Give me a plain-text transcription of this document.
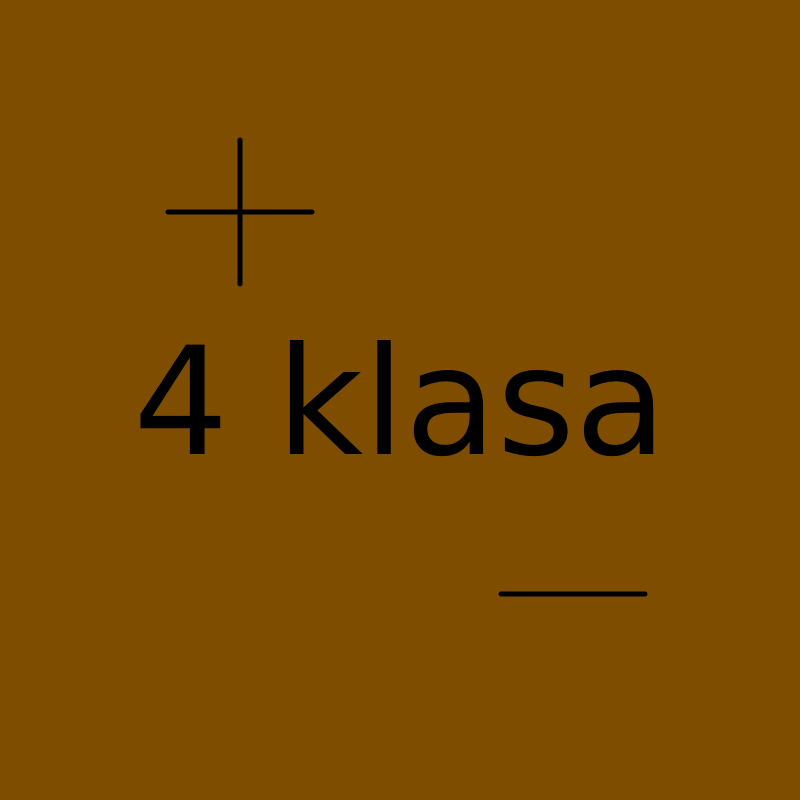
4 klasa
